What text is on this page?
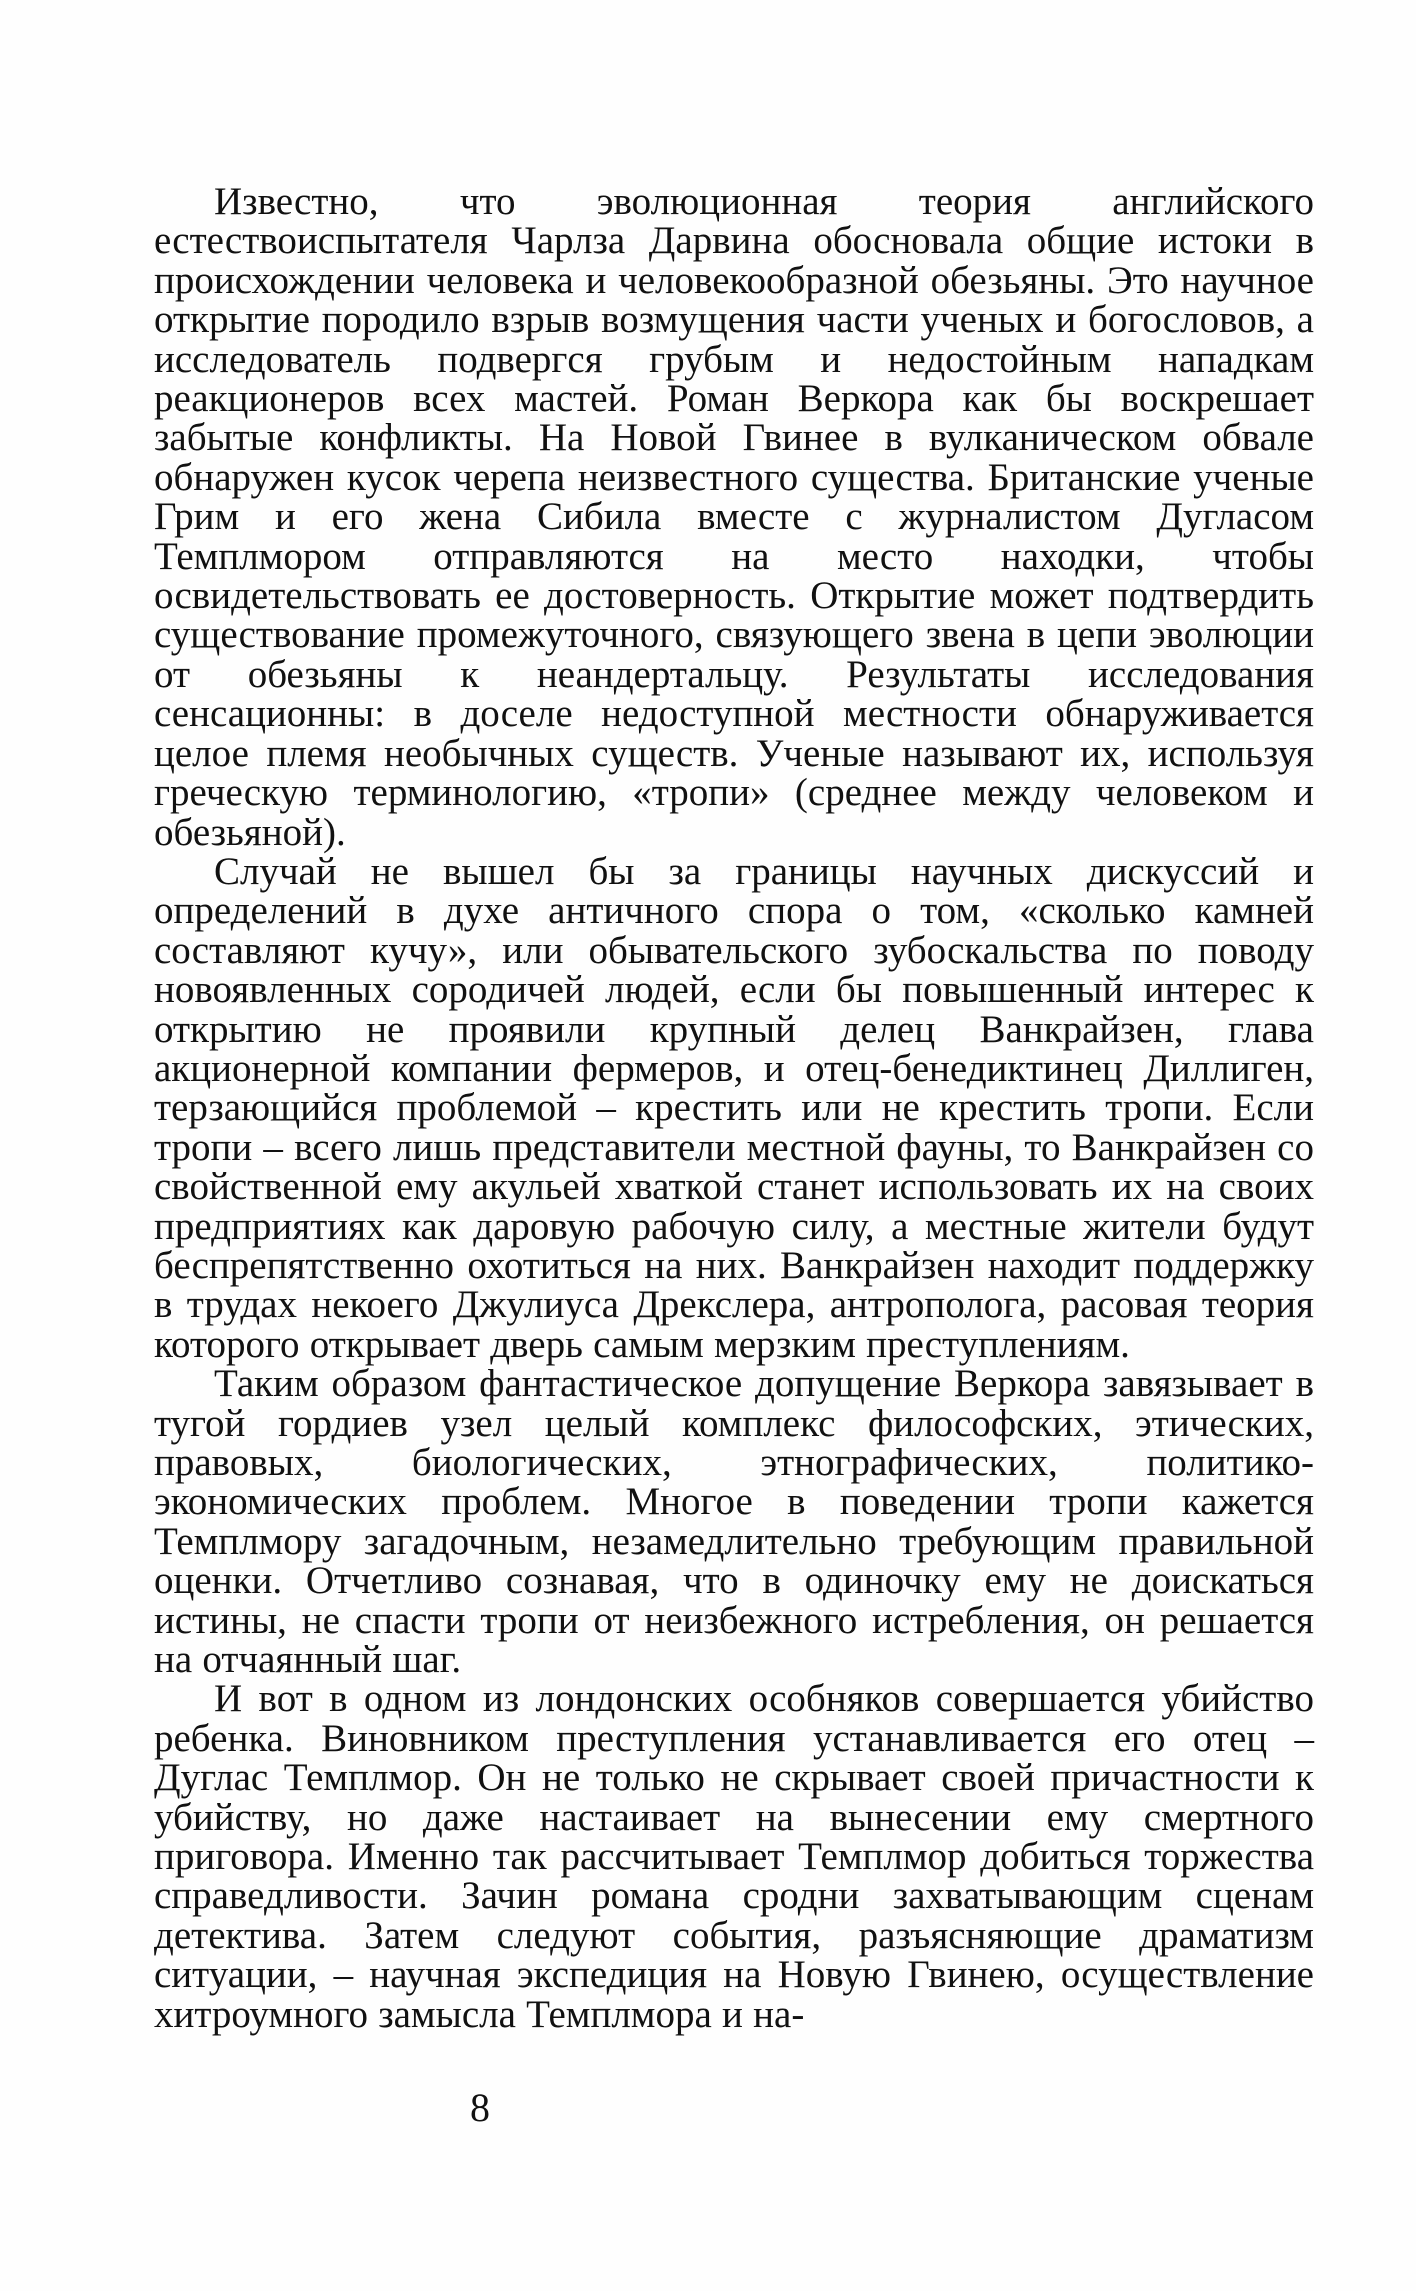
Известно, что эволюционная теория английского естествоиспытателя Чарлза Дарвина обосновала общие истоки в происхождении человека и человекообразной обезьяны. Это научное открытие породило взрыв возмущения части ученых и богословов, а исследователь подвергся грубым и недостойным нападкам реакционеров всех мастей. Роман Веркора как бы воскрешает забытые конфликты. На Новой Гвинее в вулканическом обвале обнаружен кусок черепа неизвестного существа. Британские ученые Грим и его жена Сибила вместе с журналистом Дугласом Темплмором отправляются на место находки, чтобы освидетельствовать ее достоверность. Открытие может подтвердить существование промежуточного, связующего звена в цепи эволюции от обезьяны к неандертальцу. Результаты исследования сенсационны: в доселе недоступной местности обнаруживается целое племя необычных существ. Ученые называют их, используя греческую терминологию, «тропи» (среднее между человеком и обезьяной).

Случай не вышел бы за границы научных дискуссий и определений в духе античного спора о том, «сколько камней составляют кучу», или обывательского зубоскальства по поводу новоявленных сородичей людей, если бы повышенный интерес к открытию не проявили крупный делец Ванкрайзен, глава акционерной компании фермеров, и отец-бенедиктинец Диллиген, терзающийся проблемой – крестить или не крестить тропи. Если тропи – всего лишь представители местной фауны, то Ванкрайзен со свойственной ему акульей хваткой станет использовать их на своих предприятиях как даровую рабочую силу, а местные жители будут беспрепятственно охотиться на них. Ванкрайзен находит поддержку в трудах некоего Джулиуса Дрекслера, антрополога, расовая теория которого открывает дверь самым мерзким преступлениям.

Таким образом фантастическое допущение Веркора завязывает в тугой гордиев узел целый комплекс философских, этических, правовых, биологических, этнографических, политико-экономических проблем. Многое в поведении тропи кажется Темплмору загадочным, незамедлительно требующим правильной оценки. Отчетливо сознавая, что в одиночку ему не доискаться истины, не спасти тропи от неизбежного истребления, он решается на отчаянный шаг.

И вот в одном из лондонских особняков совершается убийство ребенка. Виновником преступления устанавливается его отец – Дуглас Темплмор. Он не только не скрывает своей причастности к убийству, но даже настаивает на вынесении ему смертного приговора. Именно так рассчитывает Темплмор добиться торжества справедливости. Зачин романа сродни захватывающим сценам детектива. Затем следуют события, разъясняющие драматизм ситуации, – научная экспедиция на Новую Гвинею, осуществление хитроумного замысла Темплмора и на-

8
